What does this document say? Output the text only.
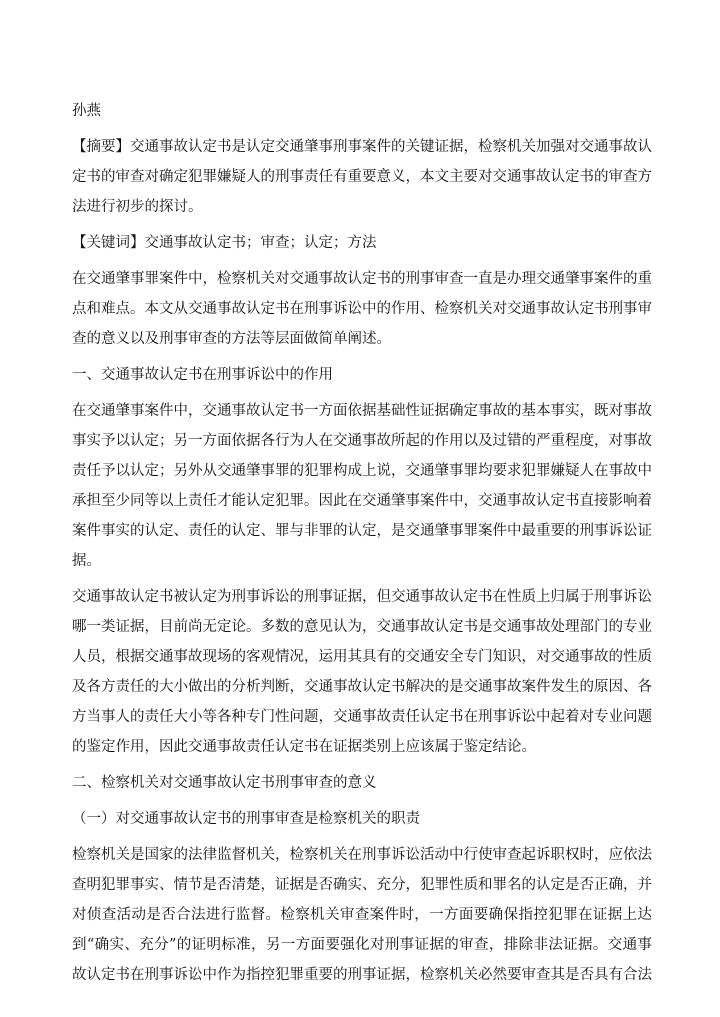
孙燕

【摘要】交通事故认定书是认定交通肇事刑事案件的关键证据，检察机关加强对交通事故认定书的审查对确定犯罪嫌疑人的刑事责任有重要意义，本文主要对交通事故认定书的审查方法进行初步的探讨。

【关键词】交通事故认定书；审查；认定；方法

在交通肇事罪案件中，检察机关对交通事故认定书的刑事审查一直是办理交通肇事案件的重点和难点。本文从交通事故认定书在刑事诉讼中的作用、检察机关对交通事故认定书刑事审查的意义以及刑事审查的方法等层面做简单阐述。

一、交通事故认定书在刑事诉讼中的作用

在交通肇事案件中，交通事故认定书一方面依据基础性证据确定事故的基本事实，既对事故事实予以认定；另一方面依据各行为人在交通事故所起的作用以及过错的严重程度，对事故责任予以认定；另外从交通肇事罪的犯罪构成上说，交通肇事罪均要求犯罪嫌疑人在事故中承担至少同等以上责任才能认定犯罪。因此在交通肇事案件中，交通事故认定书直接影响着案件事实的认定、责任的认定、罪与非罪的认定，是交通肇事罪案件中最重要的刑事诉讼证据。

交通事故认定书被认定为刑事诉讼的刑事证据，但交通事故认定书在性质上归属于刑事诉讼哪一类证据，目前尚无定论。多数的意见认为，交通事故认定书是交通事故处理部门的专业人员，根据交通事故现场的客观情况，运用其具有的交通安全专门知识，对交通事故的性质及各方责任的大小做出的分析判断，交通事故认定书解决的是交通事故案件发生的原因、各方当事人的责任大小等各种专门性问题，交通事故责任认定书在刑事诉讼中起着对专业问题的鉴定作用，因此交通事故责任认定书在证据类别上应该属于鉴定结论。

二、检察机关对交通事故认定书刑事审查的意义

（一）对交通事故认定书的刑事审查是检察机关的职责

检察机关是国家的法律监督机关，检察机关在刑事诉讼活动中行使审查起诉职权时，应依法查明犯罪事实、情节是否清楚，证据是否确实、充分，犯罪性质和罪名的认定是否正确，并对侦查活动是否合法进行监督。检察机关审查案件时，一方面要确保指控犯罪在证据上达到“确实、充分”的证明标准，另一方面要强化对刑事证据的审查，排除非法证据。交通事故认定书在刑事诉讼中作为指控犯罪重要的刑事证据，检察机关必然要审查其是否具有合法
